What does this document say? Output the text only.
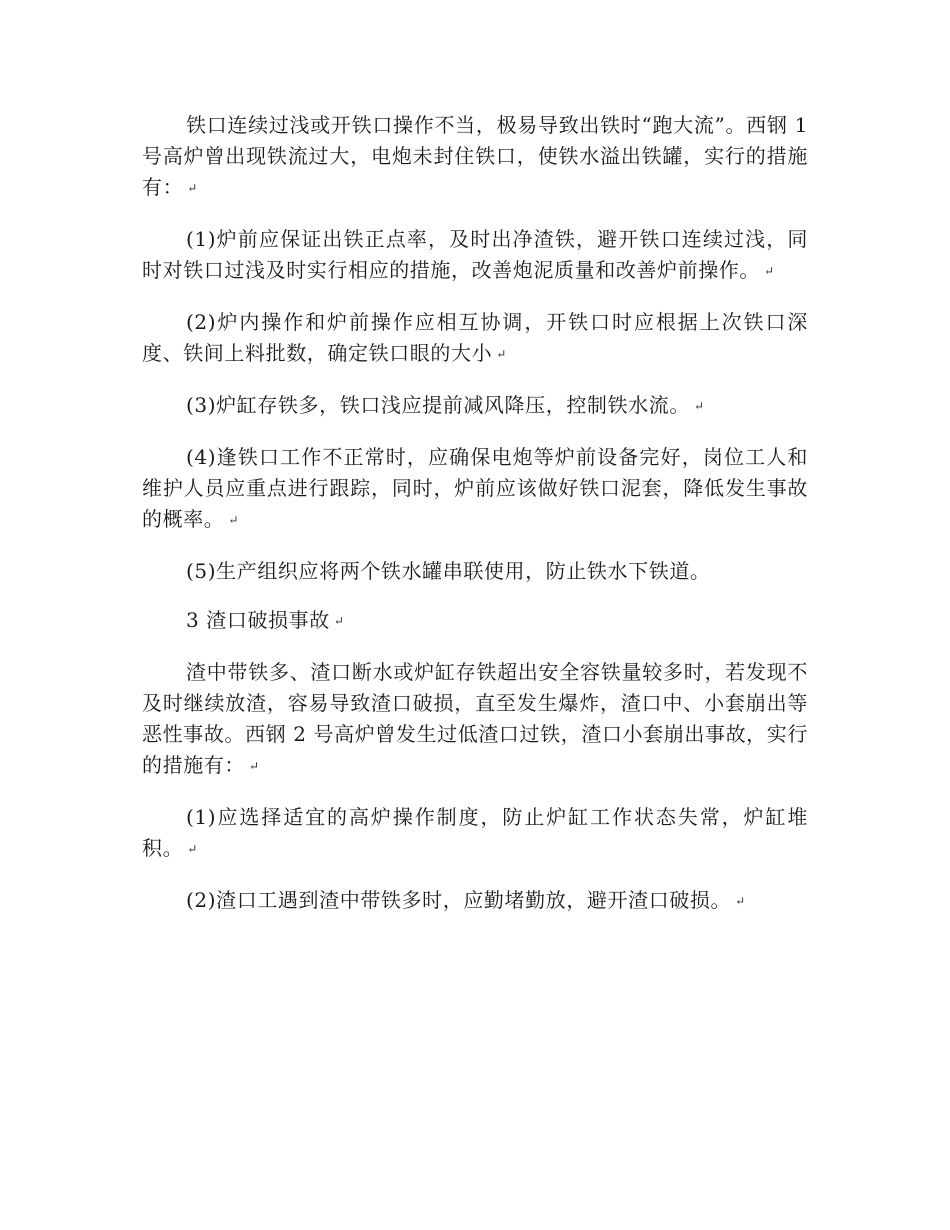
铁口连续过浅或开铁口操作不当，极易导致出铁时“跑大流”。西钢 1 号高炉曾出现铁流过大，电炮未封住铁口，使铁水溢出铁罐，实行的措施有： ↵

(1)炉前应保证出铁正点率，及时出净渣铁，避开铁口连续过浅，同时对铁口过浅及时实行相应的措施，改善炮泥质量和改善炉前操作。 ↵

(2)炉内操作和炉前操作应相互协调，开铁口时应根据上次铁口深度、铁间上料批数，确定铁口眼的大小 ↵

(3)炉缸存铁多，铁口浅应提前减风降压，控制铁水流。 ↵

(4)逢铁口工作不正常时，应确保电炮等炉前设备完好，岗位工人和维护人员应重点进行跟踪，同时，炉前应该做好铁口泥套，降低发生事故的概率。 ↵

(5)生产组织应将两个铁水罐串联使用，防止铁水下铁道。

3 渣口破损事故 ↵

渣中带铁多、渣口断水或炉缸存铁超出安全容铁量较多时，若发现不及时继续放渣，容易导致渣口破损，直至发生爆炸，渣口中、小套崩出等恶性事故。西钢 2 号高炉曾发生过低渣口过铁，渣口小套崩出事故，实行的措施有： ↵

(1)应选择适宜的高炉操作制度，防止炉缸工作状态失常，炉缸堆积。 ↵

(2)渣口工遇到渣中带铁多时，应勤堵勤放，避开渣口破损。 ↵
